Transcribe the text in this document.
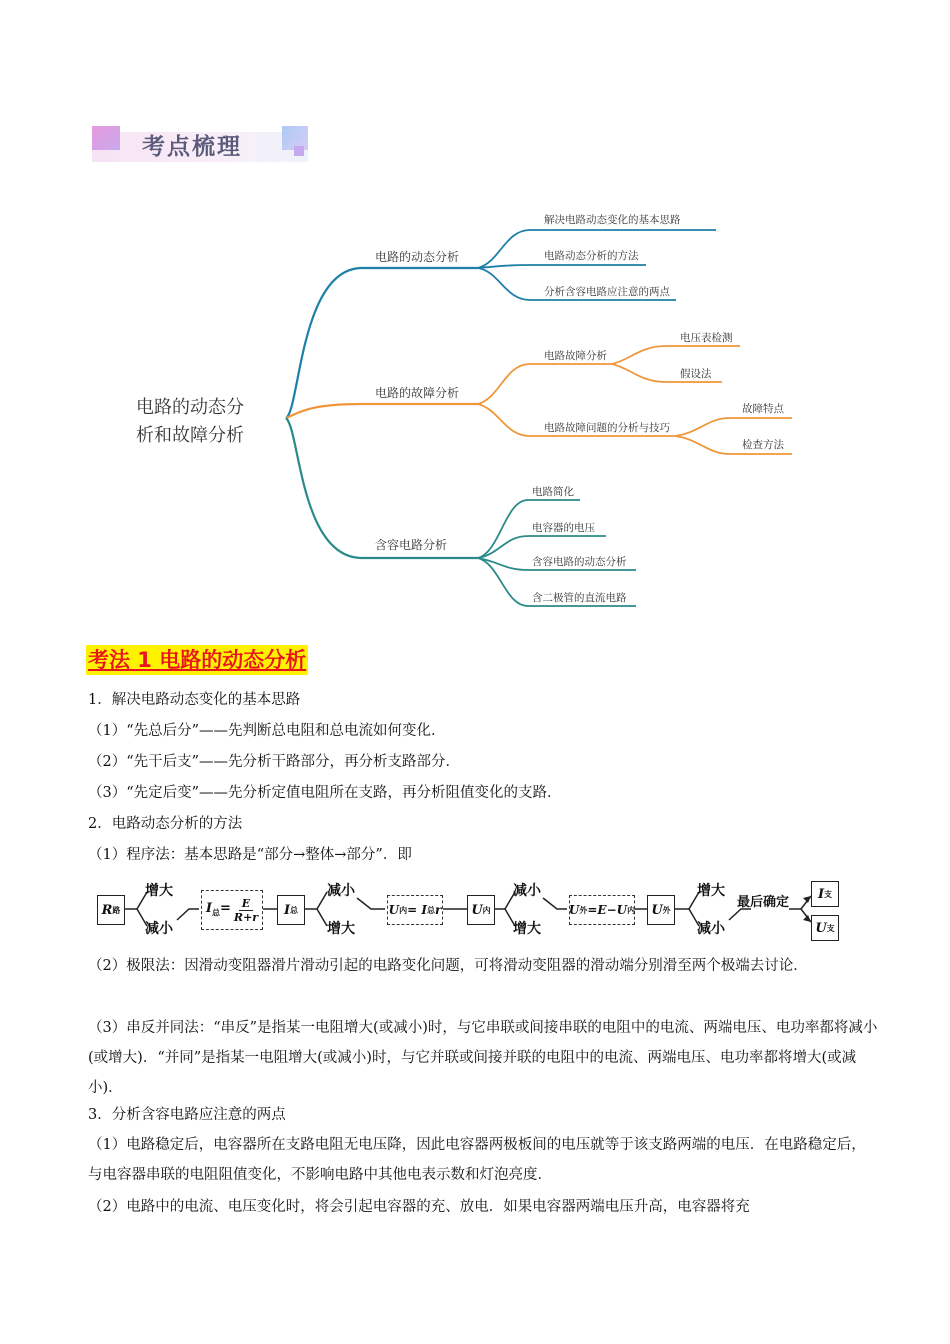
考点梳理
电路的动态分
析和故障分析
电路的动态分析
解决电路动态变化的基本思路
电路动态分析的方法
分析含容电路应注意的两点
电路的故障分析
电路故障分析
电压表检测
假设法
电路故障问题的分析与技巧
故障特点
检查方法
含容电路分析
电路简化
电容器的电压
含容电路的动态分析
含二极管的直流电路
考法 1 电路的动态分析
1．解决电路动态变化的基本思路
（1）“先总后分”——先判断总电阻和总电流如何变化．
（2）“先干后支”——先分析干路部分，再分析支路部分．
（3）“先定后变”——先分析定值电阻所在支路，再分析阻值变化的支路．
2．电路动态分析的方法
（1）程序法：基本思路是“部分→整体→部分”．即
R 路
增大
减小
$I_总= \frac{E}{R+r}$ I 总
减小
增大
U 内 = I 总 r U 内
减小
增大
U 外 =E−U 内 U 外
增大
减小
最后确定
I 支
U 支
（2）极限法：因滑动变阻器滑片滑动引起的电路变化问题，可将滑动变阻器的滑动端分别滑至两个极端去讨论．
（3）串反并同法：“串反”是指某一电阻增大(或减小)时，与它串联或间接串联的电阻中的电流、两端电压、电功率都将减小(或增大)．“并同”是指某一电阻增大(或减小)时，与它并联或间接并联的电阻中的电流、两端电压、电功率都将增大(或减小)．
3．分析含容电路应注意的两点
（1）电路稳定后，电容器所在支路电阻无电压降，因此电容器两极板间的电压就等于该支路两端的电压．在电路稳定后，与电容器串联的电阻阻值变化，不影响电路中其他电表示数和灯泡亮度．
（2）电路中的电流、电压变化时，将会引起电容器的充、放电．如果电容器两端电压升高，电容器将充
